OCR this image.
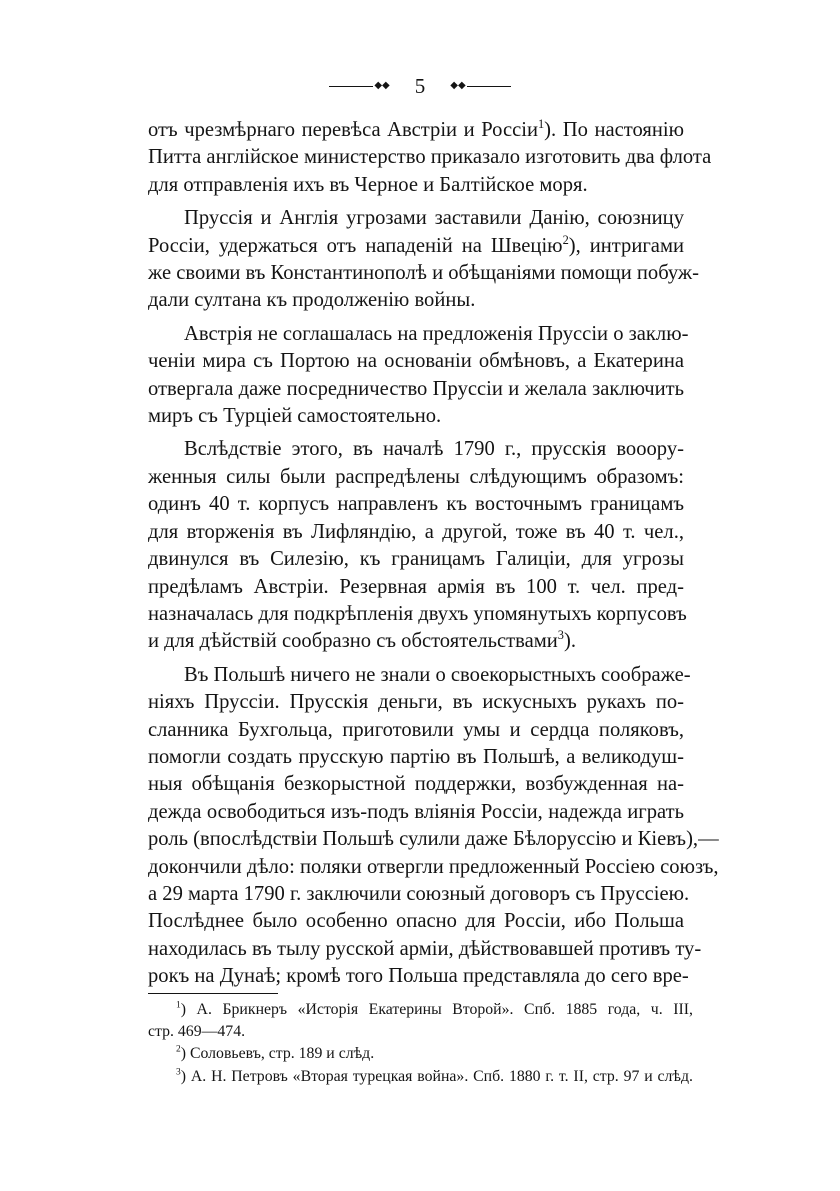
◆◆ 5	◆◆
отъ чрезмѣрнаго перевѣса Австріи и Россіи$^1$). По настоянію
Питта англійское министерство приказало изготовить два флота
для отправленія ихъ въ Черное и Балтійское моря.
Пруссія и Англія угрозами заставили Данію, союзницу
Россіи, удержаться отъ нападеній на Швецію$^2$), интригами
же своими въ Константинополѣ и обѣщаніями помощи побуж-
дали султана къ продолженію войны.
Австрія не соглашалась на предложенія Пруссіи о заклю-
ченіи мира съ Портою на основаніи обмѣновъ, а Екатерина
отвергала даже посредничество Пруссіи и желала заключить
миръ съ Турціей самостоятельно.
Вслѣдствіе этого, въ началѣ 1790 г., прусскія вооору-
женныя силы были распредѣлены слѣдующимъ образомъ:
одинъ 40 т. корпусъ направленъ къ восточнымъ границамъ
для вторженія въ Лифляндію, а другой, тоже въ 40 т. чел.,
двинулся въ Силезію, къ границамъ Галиціи, для угрозы
предѣламъ Австріи. Резервная армія въ 100 т. чел. пред-
назначалась для подкрѣпленія двухъ упомянутыхъ корпусовъ
и для дѣйствій сообразно съ обстоятельствами$^3$).
Въ Польшѣ ничего не знали о своекорыстныхъ соображе-
ніяхъ Пруссіи. Прусскія деньги, въ искусныхъ рукахъ по-
сланника Бухгольца, приготовили умы и сердца поляковъ,
помогли создать прусскую партію въ Польшѣ, а великодуш-
ныя обѣщанія безкорыстной поддержки, возбужденная на-
дежда освободиться изъ-подъ вліянія Россіи, надежда играть
роль (впослѣдствіи Польшѣ сулили даже Бѣлоруссію и Кіевъ),—
докончили дѣло: поляки отвергли предложенный Россіею союзъ,
а 29 марта 1790 г. заключили союзный договоръ съ Пруссіею.
Послѣднее было особенно опасно для Россіи, ибо Польша
находилась въ тылу русской арміи, дѣйствовавшей противъ ту-
рокъ на Дунаѣ; кромѣ того Польша представляла до сего вре-
$^1$) А. Брикнеръ «Исторія Екатерины Второй». Спб. 1885 года, ч. III,
стр. 469—474.
$^2$) Соловьевъ, стр. 189 и слѣд.
$^3$) А. Н. Петровъ «Вторая турецкая война». Спб. 1880 г. т. II, стр. 97 и слѣд.
